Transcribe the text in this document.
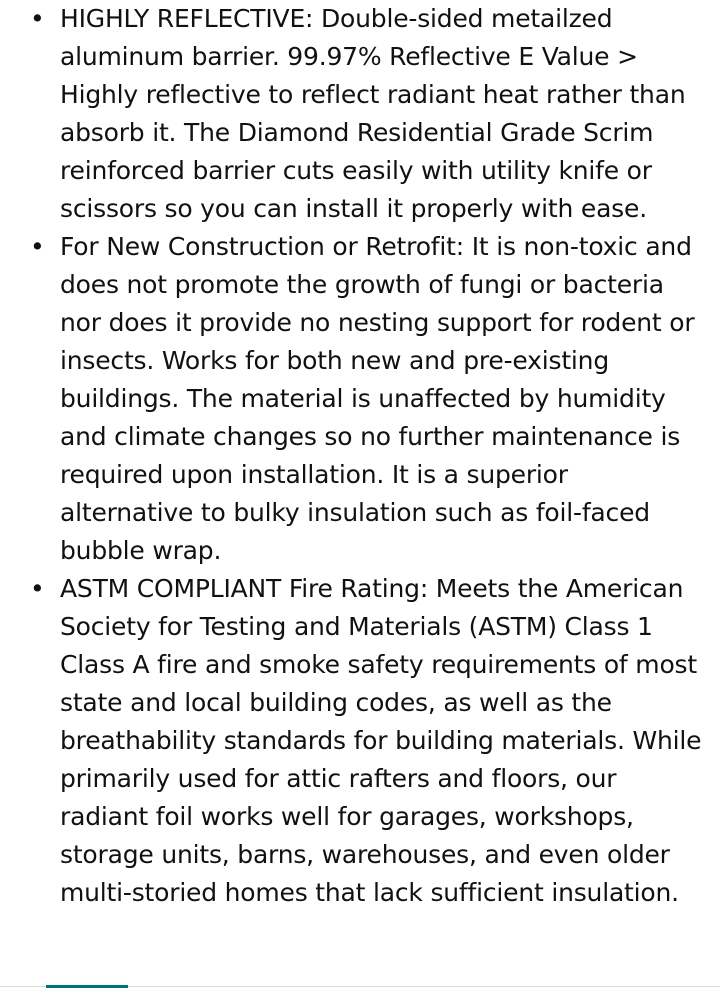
• HIGHLY REFLECTIVE: Double-sided metailzed aluminum barrier. 99.97% Reflective E Value > Highly reflective to reflect radiant heat rather than absorb it. The Diamond Residential Grade Scrim reinforced barrier cuts easily with utility knife or scissors so you can install it properly with ease.
• For New Construction or Retrofit: It is non-toxic and does not promote the growth of fungi or bacteria nor does it provide no nesting support for rodent or insects. Works for both new and pre-existing buildings. The material is unaffected by humidity and climate changes so no further maintenance is required upon installation. It is a superior alternative to bulky insulation such as foil-faced bubble wrap.
• ASTM COMPLIANT Fire Rating: Meets the American Society for Testing and Materials (ASTM) Class 1 Class A fire and smoke safety requirements of most state and local building codes, as well as the breathability standards for building materials. While primarily used for attic rafters and floors, our radiant foil works well for garages, workshops, storage units, barns, warehouses, and even older multi-storied homes that lack sufficient insulation.
